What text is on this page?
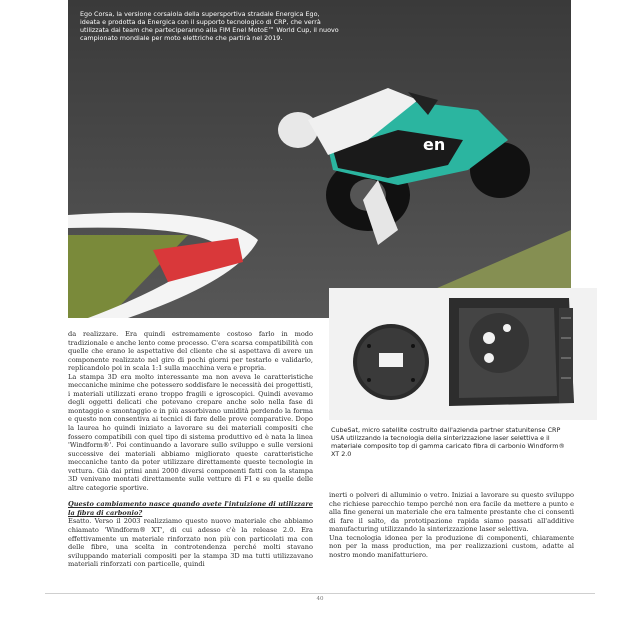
en
Ego Corsa, la versione corsaiola della supersportiva stradale Energica Ego, ideata e prodotta da Energica con il supporto tecnologico di CRP, che verrà utilizzata dai team che parteciperanno alla FIM Enel MotoE™ World Cup, il nuovo campionato mondiale per moto elettriche che partirà nel 2019.
CubeSat, micro satellite costruito dall'azienda partner statunitense CRP USA utilizzando la tecnologia della sinterizzazione laser selettiva e il materiale composito top di gamma caricato fibra di carbonio Windform® XT 2.0

da realizzare. Era quindi estremamente costoso farlo in modo tradizionale e anche lento come processo. C'era scarsa compatibilità con quelle che erano le aspettative del cliente che si aspettava di avere un componente realizzato nel giro di pochi giorni per testarlo e validarlo, replicandolo poi in scala 1:1 sulla macchina vera e propria.

La stampa 3D era molto interessante ma non aveva le caratteristiche meccaniche minime che potessero soddisfare le necessità dei progettisti, i materiali utilizzati erano troppo fragili e igroscopici. Quindi avevamo degli oggetti delicati che potevano crepare anche solo nella fase di montaggio e smontaggio e in più assorbivano umidità perdendo la forma e questo non consentiva ai tecnici di fare delle prove comparative. Dopo la laurea ho quindi iniziato a lavorare su dei materiali compositi che fossero compatibili con quel tipo di sistema produttivo ed è nata la linea 'Windform®'. Poi continuando a lavorare sullo sviluppo e sulle versioni successive dei materiali abbiamo migliorato queste caratteristiche meccaniche tanto da poter utilizzare direttamente queste tecnologie in vettura. Già dai primi anni 2000 diversi componenti fatti con la stampa 3D venivano montati direttamente sulle vetture di F1 e su quelle delle altre categorie sportive.

Questo cambiamento nasce quando avete l'intuizione di utilizzare la fibra di carbonio?

Esatto. Verso il 2003 realizziamo questo nuovo materiale che abbiamo chiamato 'Windform® XT', di cui adesso c'è la release 2.0. Era effettivamente un materiale rinforzato non più con particolati ma con delle fibre, una scelta in controtendenza perché molti stavano sviluppando materiali compositi per la stampa 3D ma tutti utilizzavano materiali rinforzati con particelle, quindi

inerti o polveri di alluminio o vetro. Iniziai a lavorare su questo sviluppo che richiese parecchio tempo perché non era facile da mettere a punto e alla fine generai un materiale che era talmente prestante che ci consentì di fare il salto, da prototipazione rapida siamo passati all'additive manufacturing utilizzando la sinterizzazione laser selettiva.

Una tecnologia idonea per la produzione di componenti, chiaramente non per la mass production, ma per realizzazioni custom, adatte al nostro mondo manifatturiero.

40
